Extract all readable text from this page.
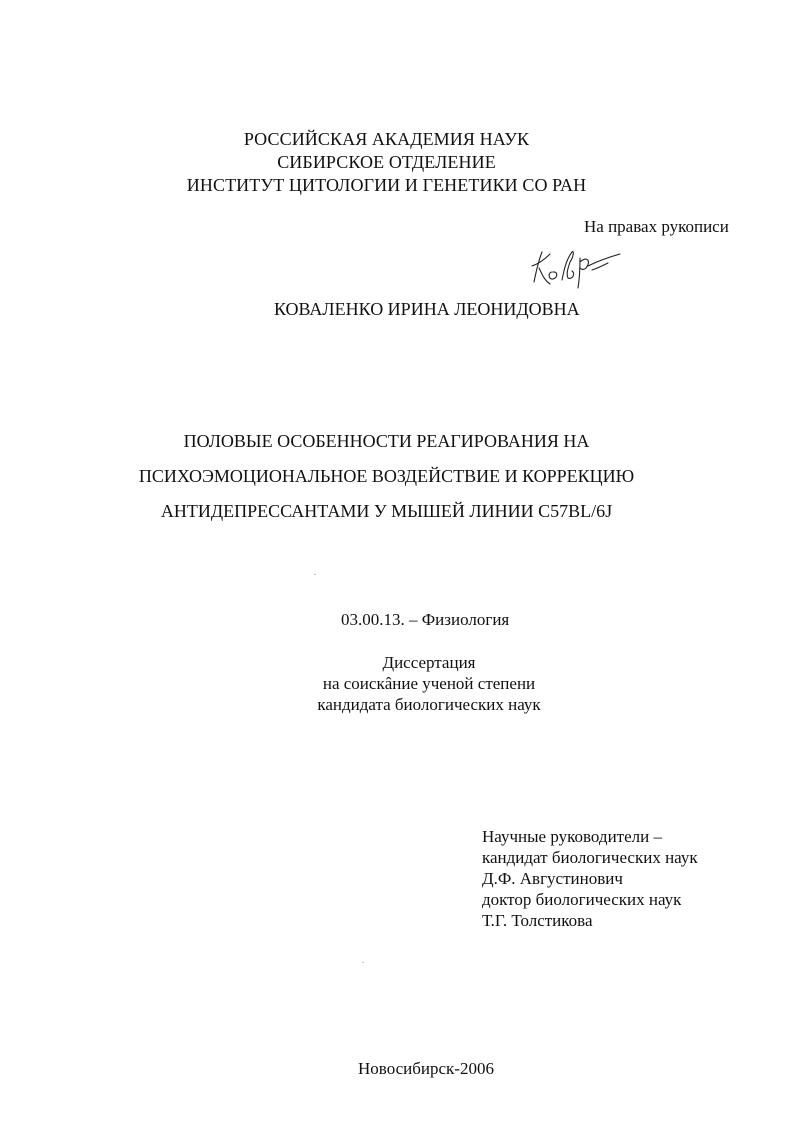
РОССИЙСКАЯ АКАДЕМИЯ НАУК
СИБИРСКОЕ ОТДЕЛЕНИЕ
ИНСТИТУТ ЦИТОЛОГИИ И ГЕНЕТИКИ СО РАН
На правах рукописи
КОВАЛЕНКО ИРИНА ЛЕОНИДОВНА
ПОЛОВЫЕ ОСОБЕННОСТИ РЕАГИРОВАНИЯ НА
ПСИХОЭМОЦИОНАЛЬНОЕ ВОЗДЕЙСТВИЕ И КОРРЕКЦИЮ
АНТИДЕПРЕССАНТАМИ У МЫШЕЙ ЛИНИИ C57BL/6J
03.00.13. – Физиология
Диссертация
на соискâние ученой степени
кандидата биологических наук
Научные руководители –
кандидат биологических наук
Д.Ф. Августинович
доктор биологических наук
Т.Г. Толстикова
Новосибирск-2006
